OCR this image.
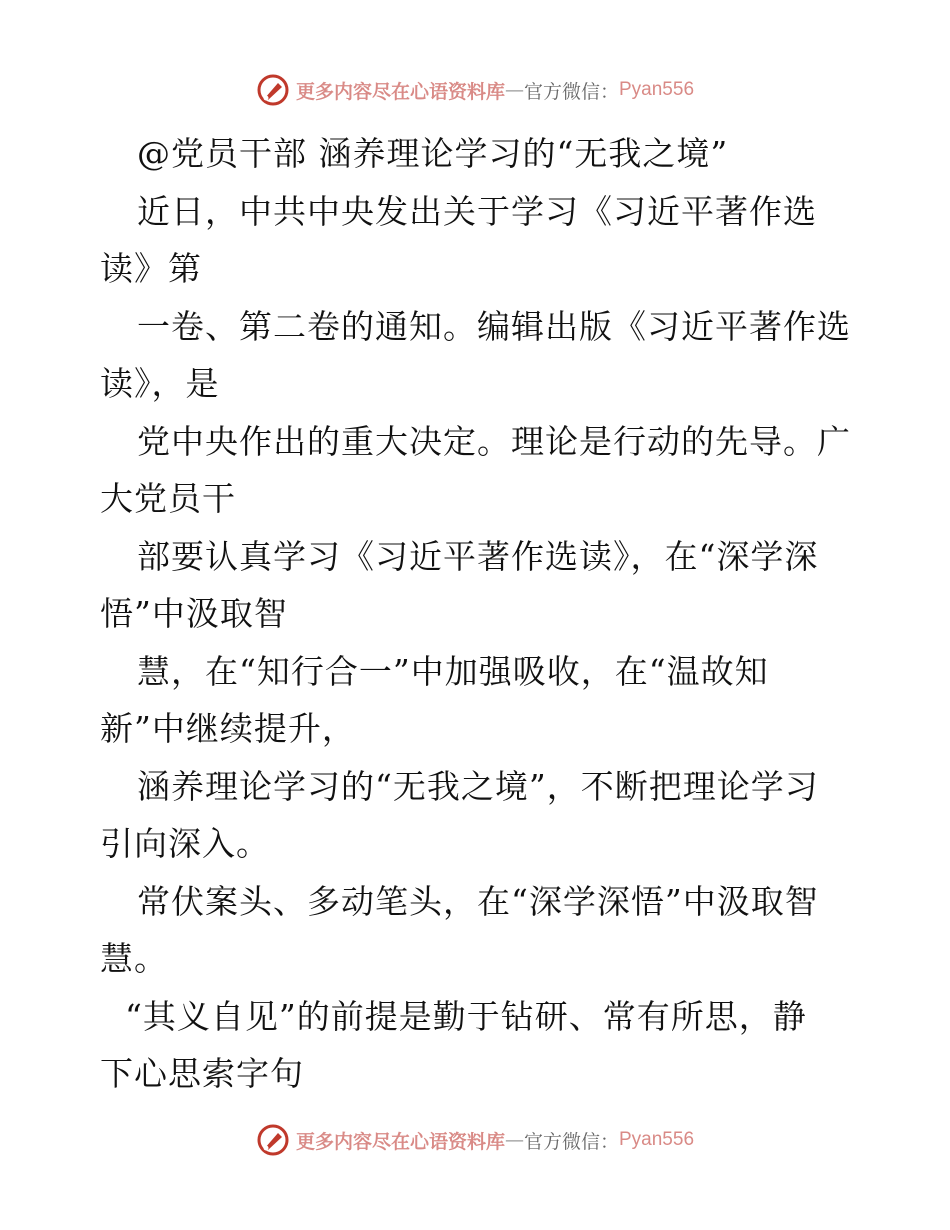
更多内容尽在心语资料库 — 官方微信： Pyan556
@党员干部 涵养理论学习的“无我之境”
近日，中共中央发出关于学习《习近平著作选
读》第
一卷、第二卷的通知。编辑出版《习近平著作选
读》，是
党中央作出的重大决定。理论是行动的先导。广
大党员干
部要认真学习《习近平著作选读》，在“深学深
悟”中汲取智
慧，在“知行合一”中加强吸收，在“温故知
新”中继续提升，
涵养理论学习的“无我之境”，不断把理论学习
引向深入。
常伏案头、多动笔头，在“深学深悟”中汲取智
慧。
“其义自见”的前提是勤于钻研、常有所思，静
下心思索字句
更多内容尽在心语资料库 — 官方微信： Pyan556
